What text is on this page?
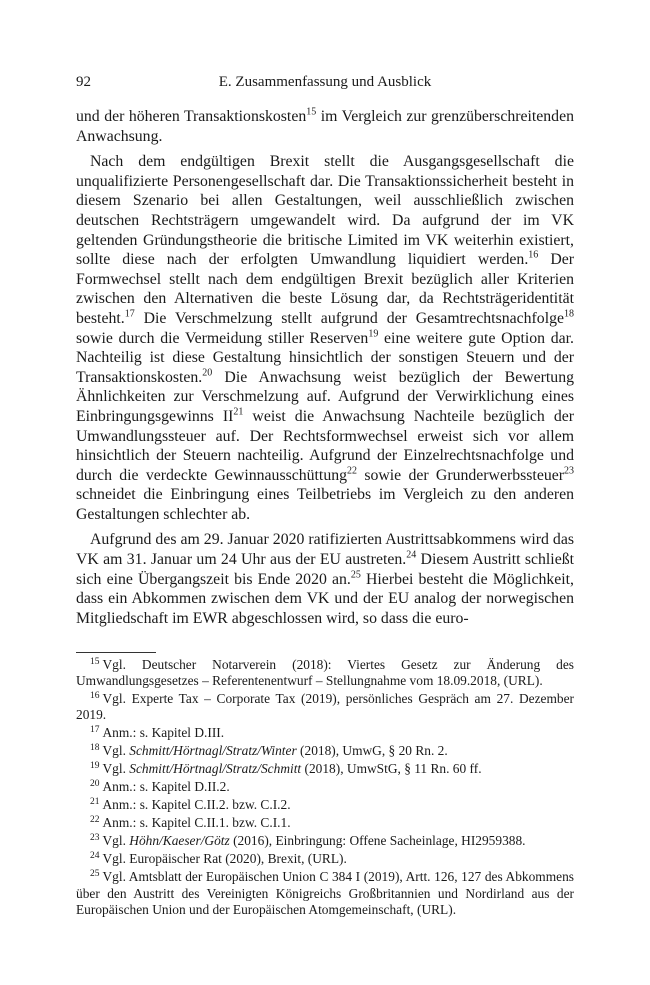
92	E. Zusammenfassung und Ausblick

und der höheren Transaktionskosten$^{15}$ im Vergleich zur grenzüberschreitenden Anwachsung.

Nach dem endgültigen Brexit stellt die Ausgangsgesellschaft die unqualifizierte Personengesellschaft dar. Die Transaktionssicherheit besteht in diesem Szenario bei allen Gestaltungen, weil ausschließlich zwischen deutschen Rechtsträgern umgewandelt wird. Da aufgrund der im VK geltenden Gründungstheorie die britische Limited im VK weiterhin existiert, sollte diese nach der erfolgten Umwandlung liquidiert werden.$^{16}$ Der Formwechsel stellt nach dem endgültigen Brexit bezüglich aller Kriterien zwischen den Alternativen die beste Lösung dar, da Rechtsträgeridentität besteht.$^{17}$ Die Verschmelzung stellt aufgrund der Gesamtrechtsnachfolge$^{18}$ sowie durch die Vermeidung stiller Reserven$^{19}$ eine weitere gute Option dar. Nachteilig ist diese Gestaltung hinsichtlich der sonstigen Steuern und der Transaktionskosten.$^{20}$ Die Anwachsung weist bezüglich der Bewertung Ähnlichkeiten zur Verschmelzung auf. Aufgrund der Verwirklichung eines Einbringungsgewinns II$^{21}$ weist die Anwachsung Nachteile bezüglich der Umwandlungssteuer auf. Der Rechtsformwechsel erweist sich vor allem hinsichtlich der Steuern nachteilig. Aufgrund der Einzelrechtsnachfolge und durch die verdeckte Gewinnausschüttung$^{22}$ sowie der Grunderwerbssteuer$^{23}$ schneidet die Einbringung eines Teilbetriebs im Vergleich zu den anderen Gestaltungen schlechter ab.

Aufgrund des am 29. Januar 2020 ratifizierten Austrittsabkommens wird das VK am 31. Januar um 24 Uhr aus der EU austreten.$^{24}$ Diesem Austritt schließt sich eine Übergangszeit bis Ende 2020 an.$^{25}$ Hierbei besteht die Möglichkeit, dass ein Abkommen zwischen dem VK und der EU analog der norwegischen Mitgliedschaft im EWR abgeschlossen wird, so dass die euro-

$^{15}$ Vgl. Deutscher Notarverein (2018): Viertes Gesetz zur Änderung des Umwandlungsgesetzes – Referentenentwurf – Stellungnahme vom 18.09.2018, (URL).

$^{16}$ Vgl. Experte Tax – Corporate Tax (2019), persönliches Gespräch am 27. Dezember 2019.

$^{17}$ Anm.: s. Kapitel D.III.

$^{18}$ Vgl. Schmitt/Hörtnagl/Stratz/Winter (2018), UmwG, § 20 Rn. 2.

$^{19}$ Vgl. Schmitt/Hörtnagl/Stratz/Schmitt (2018), UmwStG, § 11 Rn. 60 ff.

$^{20}$ Anm.: s. Kapitel D.II.2.

$^{21}$ Anm.: s. Kapitel C.II.2. bzw. C.I.2.

$^{22}$ Anm.: s. Kapitel C.II.1. bzw. C.I.1.

$^{23}$ Vgl. Höhn/Kaeser/Götz (2016), Einbringung: Offene Sacheinlage, HI2959388.

$^{24}$ Vgl. Europäischer Rat (2020), Brexit, (URL).

$^{25}$ Vgl. Amtsblatt der Europäischen Union C 384 I (2019), Artt. 126, 127 des Abkommens über den Austritt des Vereinigten Königreichs Großbritannien und Nordirland aus der Europäischen Union und der Europäischen Atomgemeinschaft, (URL).
